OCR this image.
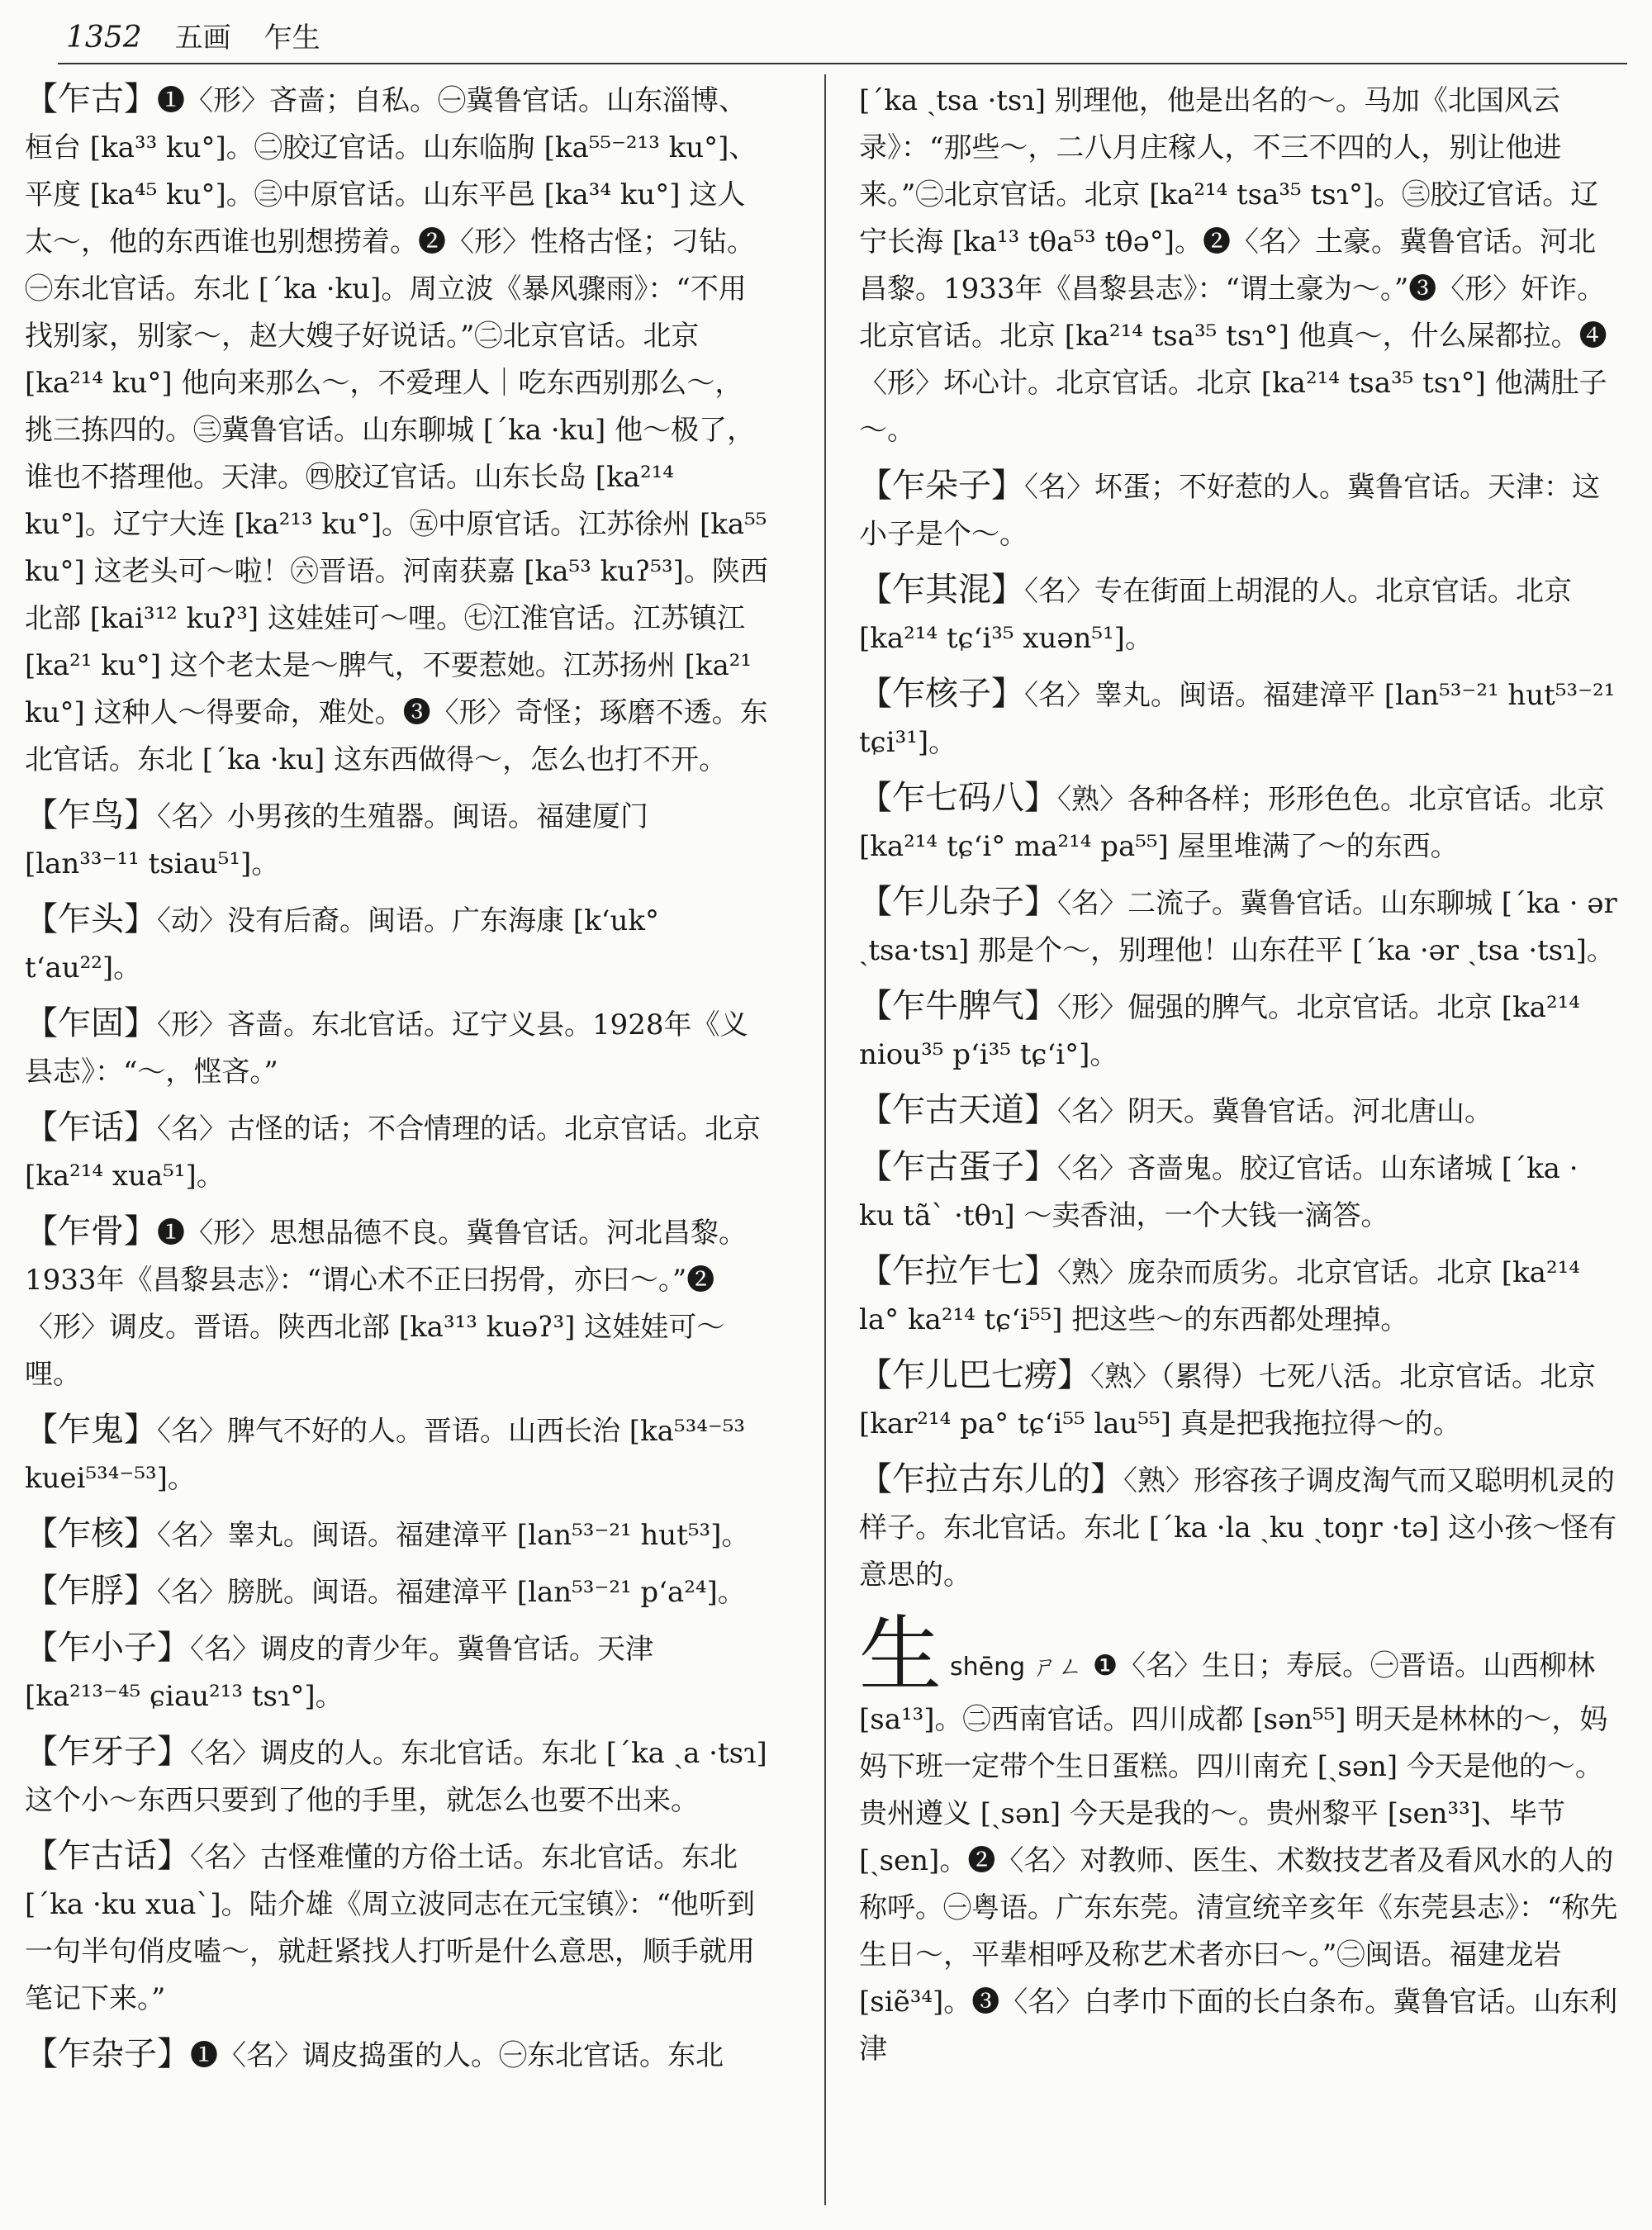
1352 五画 乍生
【乍古】❶〈形〉吝啬；自私。㊀冀鲁官话。山东淄博、桓台 [ka³³ ku°]。㊁胶辽官话。山东临朐 [ka⁵⁵⁻²¹³ ku°]、平度 [ka⁴⁵ ku°]。㊂中原官话。山东平邑 [ka³⁴ ku°] 这人太～，他的东西谁也别想捞着。❷〈形〉性格古怪；刁钻。㊀东北官话。东北 [ˊka ·ku]。周立波《暴风骤雨》：“不用找别家，别家～，赵大嫂子好说话。”㊁北京官话。北京 [ka²¹⁴ ku°] 他向来那么～，不爱理人｜吃东西别那么～，挑三拣四的。㊂冀鲁官话。山东聊城 [ˊka ·ku] 他～极了，谁也不搭理他。天津。㊃胶辽官话。山东长岛 [ka²¹⁴ ku°]。辽宁大连 [ka²¹³ ku°]。㊄中原官话。江苏徐州 [ka⁵⁵ ku°] 这老头可～啦！㊅晋语。河南获嘉 [ka⁵³ kuʔ⁵³]。陕西北部 [kai³¹² kuʔ³] 这娃娃可～哩。㊆江淮官话。江苏镇江 [ka²¹ ku°] 这个老太是～脾气，不要惹她。江苏扬州 [ka²¹ ku°] 这种人～得要命，难处。❸〈形〉奇怪；琢磨不透。东北官话。东北 [ˊka ·ku] 这东西做得～，怎么也打不开。
【乍鸟】〈名〉小男孩的生殖器。闽语。福建厦门 [lan³³⁻¹¹ tsiau⁵¹]。
【乍头】〈动〉没有后裔。闽语。广东海康 [kʻuk° tʻau²²]。
【乍固】〈形〉吝啬。东北官话。辽宁义县。1928年《义县志》：“～，悭吝。”
【乍话】〈名〉古怪的话；不合情理的话。北京官话。北京 [ka²¹⁴ xua⁵¹]。
【乍骨】❶〈形〉思想品德不良。冀鲁官话。河北昌黎。1933年《昌黎县志》：“谓心术不正曰拐骨，亦曰～。”❷〈形〉调皮。晋语。陕西北部 [ka³¹³ kuəʔ³] 这娃娃可～哩。
【乍鬼】〈名〉脾气不好的人。晋语。山西长治 [ka⁵³⁴⁻⁵³ kuei⁵³⁴⁻⁵³]。
【乍核】〈名〉睾丸。闽语。福建漳平 [lan⁵³⁻²¹ hut⁵³]。
【乍脬】〈名〉膀胱。闽语。福建漳平 [lan⁵³⁻²¹ pʻa²⁴]。
【乍小子】〈名〉调皮的青少年。冀鲁官话。天津 [ka²¹³⁻⁴⁵ ɕiau²¹³ tsɿ°]。
【乍牙子】〈名〉调皮的人。东北官话。东北 [ˊka ˏa ·tsɿ] 这个小～东西只要到了他的手里，就怎么也要不出来。
【乍古话】〈名〉古怪难懂的方俗土话。东北官话。东北 [ˊka ·ku xuaˋ]。陆介雄《周立波同志在元宝镇》：“他听到一句半句俏皮嗑～，就赶紧找人打听是什么意思，顺手就用笔记下来。”
【乍杂子】❶〈名〉调皮捣蛋的人。㊀东北官话。东北
[ˊka ˏtsa ·tsɿ] 别理他，他是出名的～。马加《北国风云录》：“那些～，二八月庄稼人，不三不四的人，别让他进来。”㊁北京官话。北京 [ka²¹⁴ tsa³⁵ tsɿ°]。㊂胶辽官话。辽宁长海 [ka¹³ tθa⁵³ tθə°]。❷〈名〉土豪。冀鲁官话。河北昌黎。1933年《昌黎县志》：“谓土豪为～。”❸〈形〉奸诈。北京官话。北京 [ka²¹⁴ tsa³⁵ tsɿ°] 他真～，什么屎都拉。❹〈形〉坏心计。北京官话。北京 [ka²¹⁴ tsa³⁵ tsɿ°] 他满肚子～。
【乍朵子】〈名〉坏蛋；不好惹的人。冀鲁官话。天津：这小子是个～。
【乍其混】〈名〉专在街面上胡混的人。北京官话。北京 [ka²¹⁴ tɕʻi³⁵ xuən⁵¹]。
【乍核子】〈名〉睾丸。闽语。福建漳平 [lan⁵³⁻²¹ hut⁵³⁻²¹ tɕi³¹]。
【乍七码八】〈熟〉各种各样；形形色色。北京官话。北京 [ka²¹⁴ tɕʻi° ma²¹⁴ pa⁵⁵] 屋里堆满了～的东西。
【乍儿杂子】〈名〉二流子。冀鲁官话。山东聊城 [ˊka · ər ˏtsa·tsɿ] 那是个～，别理他！山东茌平 [ˊka ·ər ˏtsa ·tsɿ]。
【乍牛脾气】〈形〉倔强的脾气。北京官话。北京 [ka²¹⁴ niou³⁵ pʻi³⁵ tɕʻi°]。
【乍古天道】〈名〉阴天。冀鲁官话。河北唐山。
【乍古蛋子】〈名〉吝啬鬼。胶辽官话。山东诸城 [ˊka · ku tãˋ ·tθɿ] ～卖香油，一个大钱一滴答。
【乍拉乍七】〈熟〉庞杂而质劣。北京官话。北京 [ka²¹⁴ la° ka²¹⁴ tɕʻi⁵⁵] 把这些～的东西都处理掉。
【乍儿巴七痨】〈熟〉（累得）七死八活。北京官话。北京 [kar²¹⁴ pa° tɕʻi⁵⁵ lau⁵⁵] 真是把我拖拉得～的。
【乍拉古东儿的】〈熟〉形容孩子调皮淘气而又聪明机灵的样子。东北官话。东北 [ˊka ·la ˏku ˏtoŋr ·tə] 这小孩～怪有意思的。
生shēng ㄕㄥ ❶〈名〉生日；寿辰。㊀晋语。山西柳林 [sa¹³]。㊁西南官话。四川成都 [sən⁵⁵] 明天是林林的～，妈妈下班一定带个生日蛋糕。四川南充 [ˏsən] 今天是他的～。贵州遵义 [ˏsən] 今天是我的～。贵州黎平 [sen³³]、毕节 [ˏsen]。❷〈名〉对教师、医生、术数技艺者及看风水的人的称呼。㊀粤语。广东东莞。清宣统辛亥年《东莞县志》：“称先生日～，平辈相呼及称艺术者亦曰～。”㊁闽语。福建龙岩 [siẽ³⁴]。❸〈名〉白孝巾下面的长白条布。冀鲁官话。山东利津
